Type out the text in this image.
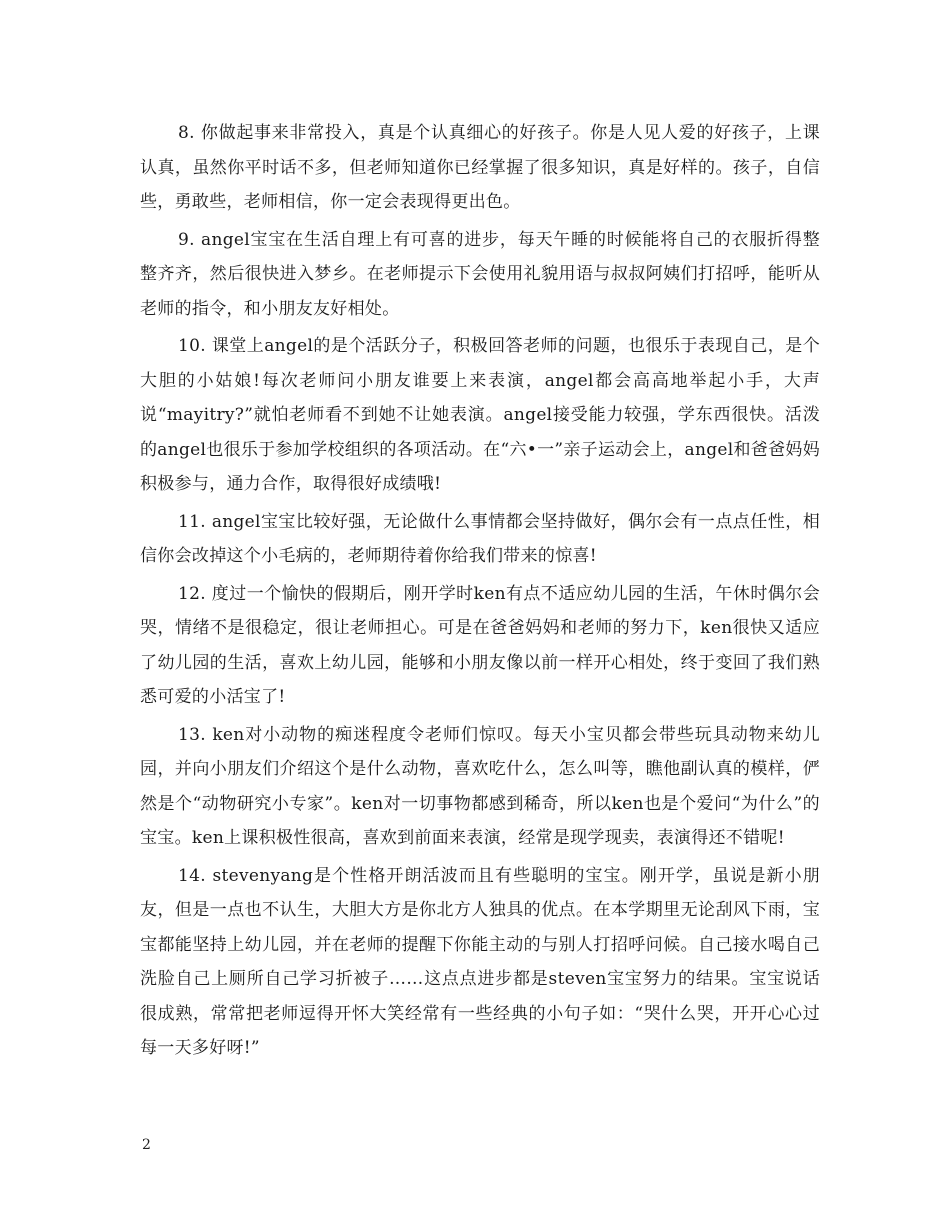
8. 你做起事来非常投入，真是个认真细心的好孩子。你是人见人爱的好孩子，上课认真，虽然你平时话不多，但老师知道你已经掌握了很多知识，真是好样的。孩子，自信些，勇敢些，老师相信，你一定会表现得更出色。

9. angel宝宝在生活自理上有可喜的进步，每天午睡的时候能将自己的衣服折得整整齐齐，然后很快进入梦乡。在老师提示下会使用礼貌用语与叔叔阿姨们打招呼，能听从老师的指令，和小朋友友好相处。

10. 课堂上angel的是个活跃分子，积极回答老师的问题，也很乐于表现自己，是个大胆的小姑娘!每次老师问小朋友谁要上来表演，angel都会高高地举起小手，大声说“mayitry?”就怕老师看不到她不让她表演。angel接受能力较强，学东西很快。活泼的angel也很乐于参加学校组织的各项活动。在“六•一”亲子运动会上，angel和爸爸妈妈积极参与，通力合作，取得很好成绩哦!

11. angel宝宝比较好强，无论做什么事情都会坚持做好，偶尔会有一点点任性，相信你会改掉这个小毛病的，老师期待着你给我们带来的惊喜!

12. 度过一个愉快的假期后，刚开学时ken有点不适应幼儿园的生活，午休时偶尔会哭，情绪不是很稳定，很让老师担心。可是在爸爸妈妈和老师的努力下，ken很快又适应了幼儿园的生活，喜欢上幼儿园，能够和小朋友像以前一样开心相处，终于变回了我们熟悉可爱的小活宝了!

13. ken对小动物的痴迷程度令老师们惊叹。每天小宝贝都会带些玩具动物来幼儿园，并向小朋友们介绍这个是什么动物，喜欢吃什么，怎么叫等，瞧他副认真的模样，俨然是个“动物研究小专家”。ken对一切事物都感到稀奇，所以ken也是个爱问“为什么”的宝宝。ken上课积极性很高，喜欢到前面来表演，经常是现学现卖，表演得还不错呢!

14. stevenyang是个性格开朗活波而且有些聪明的宝宝。刚开学，虽说是新小朋友，但是一点也不认生，大胆大方是你北方人独具的优点。在本学期里无论刮风下雨，宝宝都能坚持上幼儿园，并在老师的提醒下你能主动的与别人打招呼问候。自己接水喝自己洗脸自己上厕所自己学习折被子……这点点进步都是steven宝宝努力的结果。宝宝说话很成熟，常常把老师逗得开怀大笑经常有一些经典的小句子如：“哭什么哭，开开心心过每一天多好呀!”

2
